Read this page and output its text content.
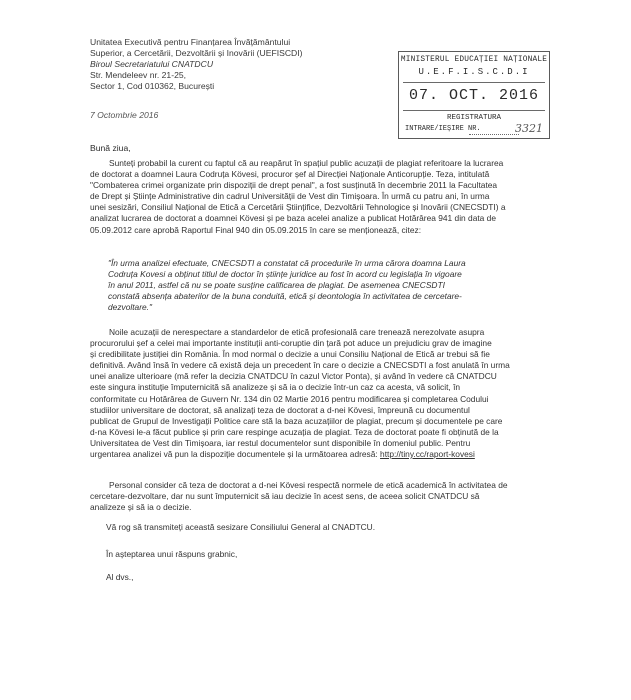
Unitatea Executivă pentru Finanțarea Învățământului
Superior, a Cercetării, Dezvoltării și Inovării (UEFISCDI)
Biroul Secretariatului CNATDCU
Str. Mendeleev nr. 21-25,
Sector 1, Cod 010362, București
7 Octombrie 2016
MINISTERUL EDUCAȚIEI NAȚIONALE
U.E.F.I.S.C.D.I
07. OCT. 2016
REGISTRATURA
INTRARE/IEȘIRE NR.	3321
Bună ziua,
Sunteți probabil la curent cu faptul că au reapărut în spațiul public acuzații de plagiat referitoare la lucrarea
de doctorat a doamnei Laura Codruța Kövesi, procuror șef al Direcției Naționale Anticorupție. Teza, intitulată
"Combaterea crimei organizate prin dispoziții de drept penal", a fost susținută în decembrie 2011 la Facultatea
de Drept și Științe Administrative din cadrul Universității de Vest din Timișoara. În urmă cu patru ani, în urma
unei sesizări, Consiliul Național de Etică a Cercetării Științifice, Dezvoltării Tehnologice și Inovării (CNECSDTI) a
analizat lucrarea de doctorat a doamnei Kövesi și pe baza acelei analize a publicat Hotărârea 941 din data de
05.09.2012 care aprobă Raportul Final 940 din 05.09.2015 în care se menționează, citez:
"În urma analizei efectuate, CNECSDTI a constatat că procedurile în urma cărora doamna Laura
Codruța Kovesi a obținut titlul de doctor în științe juridice au fost în acord cu legislația în vigoare
în anul 2011, astfel că nu se poate susține calificarea de plagiat. De asemenea CNECSDTI
constată absența abaterilor de la buna conduită, etică și deontologia în activitatea de cercetare-
dezvoltare."
Noile acuzații de nerespectare a standardelor de etică profesională care trenează nerezolvate asupra
procurorului șef a celei mai importante instituții anti-coruptie din țară pot aduce un prejudiciu grav de imagine
și credibilitate justiției din România. În mod normal o decizie a unui Consiliu Național de Etică ar trebui să fie
definitivă. Având însă în vedere că există deja un precedent în care o decizie a CNECSDTI a fost anulată în urma
unei analize ulterioare (mă refer la decizia CNATDCU în cazul Victor Ponta), și având în vedere că CNATDCU
este singura instituție împuternicită să analizeze și să ia o decizie într-un caz ca acesta, vă solicit, în
conformitate cu Hotărârea de Guvern Nr. 134 din 02 Martie 2016 pentru modificarea și completarea Codului
studiilor universitare de doctorat, să analizați teza de doctorat a d-nei Kövesi, împreună cu documentul
publicat de Grupul de Investigații Politice care stă la baza acuzațiilor de plagiat, precum și documentele pe care
d-na Kövesi le-a făcut publice și prin care respinge acuzația de plagiat. Teza de doctorat poate fi obținută de la
Universitatea de Vest din Timișoara, iar restul documentelor sunt disponibile în domeniul public. Pentru
urgentarea analizei vă pun la dispoziție documentele și la următoarea adresă: http://tiny.cc/raport-kovesi
Personal consider că teza de doctorat a d-nei Kövesi respectă normele de etică academică în activitatea de
cercetare-dezvoltare, dar nu sunt împuternicit să iau decizie în acest sens, de aceea solicit CNATDCU să
analizeze și să ia o decizie.
Vă rog să transmiteți această sesizare Consiliului General al CNADTCU.
În așteptarea unui răspuns grabnic,
Al dvs.,
